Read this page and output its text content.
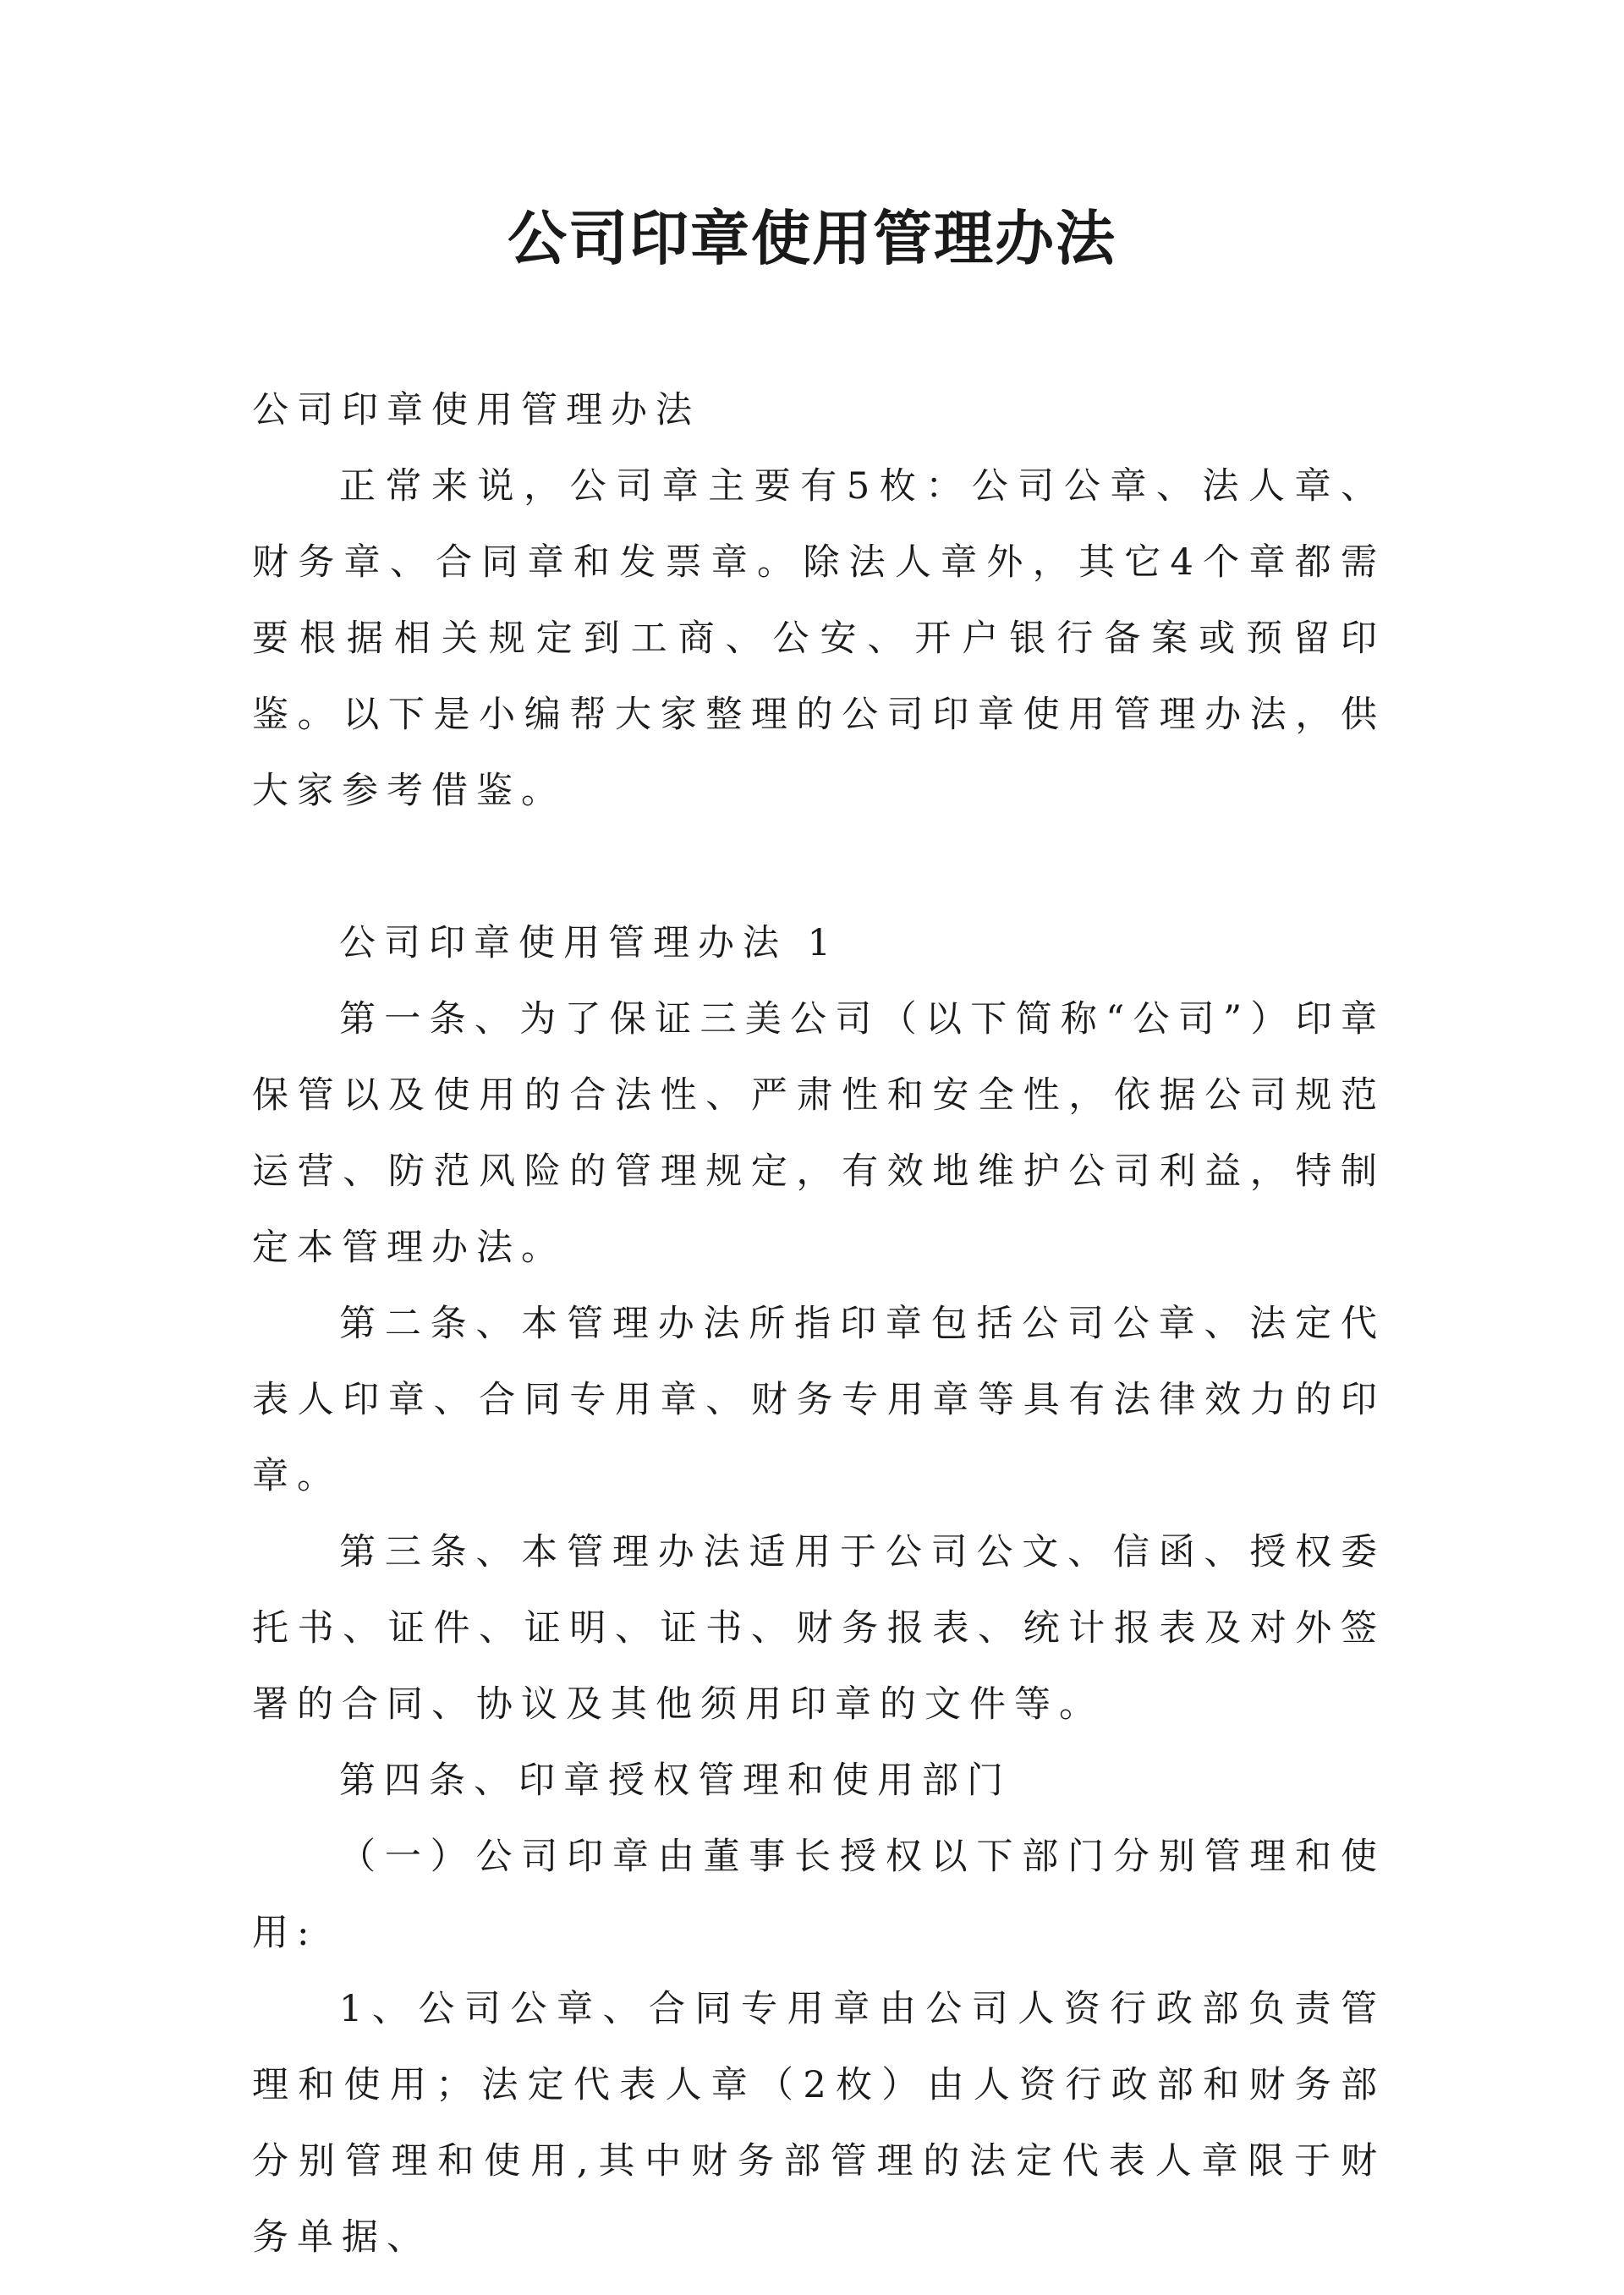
公司印章使用管理办法

公司印章使用管理办法

正常来说，公司章主要有5枚：公司公章、法人章、财务章、合同章和发票章。除法人章外，其它4个章都需要根据相关规定到工商、公安、开户银行备案或预留印鉴。以下是小编帮大家整理的公司印章使用管理办法，供大家参考借鉴。

公司印章使用管理办法 1

第一条、为了保证三美公司（以下简称“公司”）印章保管以及使用的合法性、严肃性和安全性，依据公司规范运营、防范风险的管理规定，有效地维护公司利益，特制定本管理办法。

第二条、本管理办法所指印章包括公司公章、法定代表人印章、合同专用章、财务专用章等具有法律效力的印章。

第三条、本管理办法适用于公司公文、信函、授权委托书、证件、证明、证书、财务报表、统计报表及对外签署的合同、协议及其他须用印章的文件等。

第四条、印章授权管理和使用部门

（一）公司印章由董事长授权以下部门分别管理和使用:

1、公司公章、合同专用章由公司人资行政部负责管理和使用；法定代表人章（2枚）由人资行政部和财务部分别管理和使用,其中财务部管理的法定代表人章限于财务单据、
